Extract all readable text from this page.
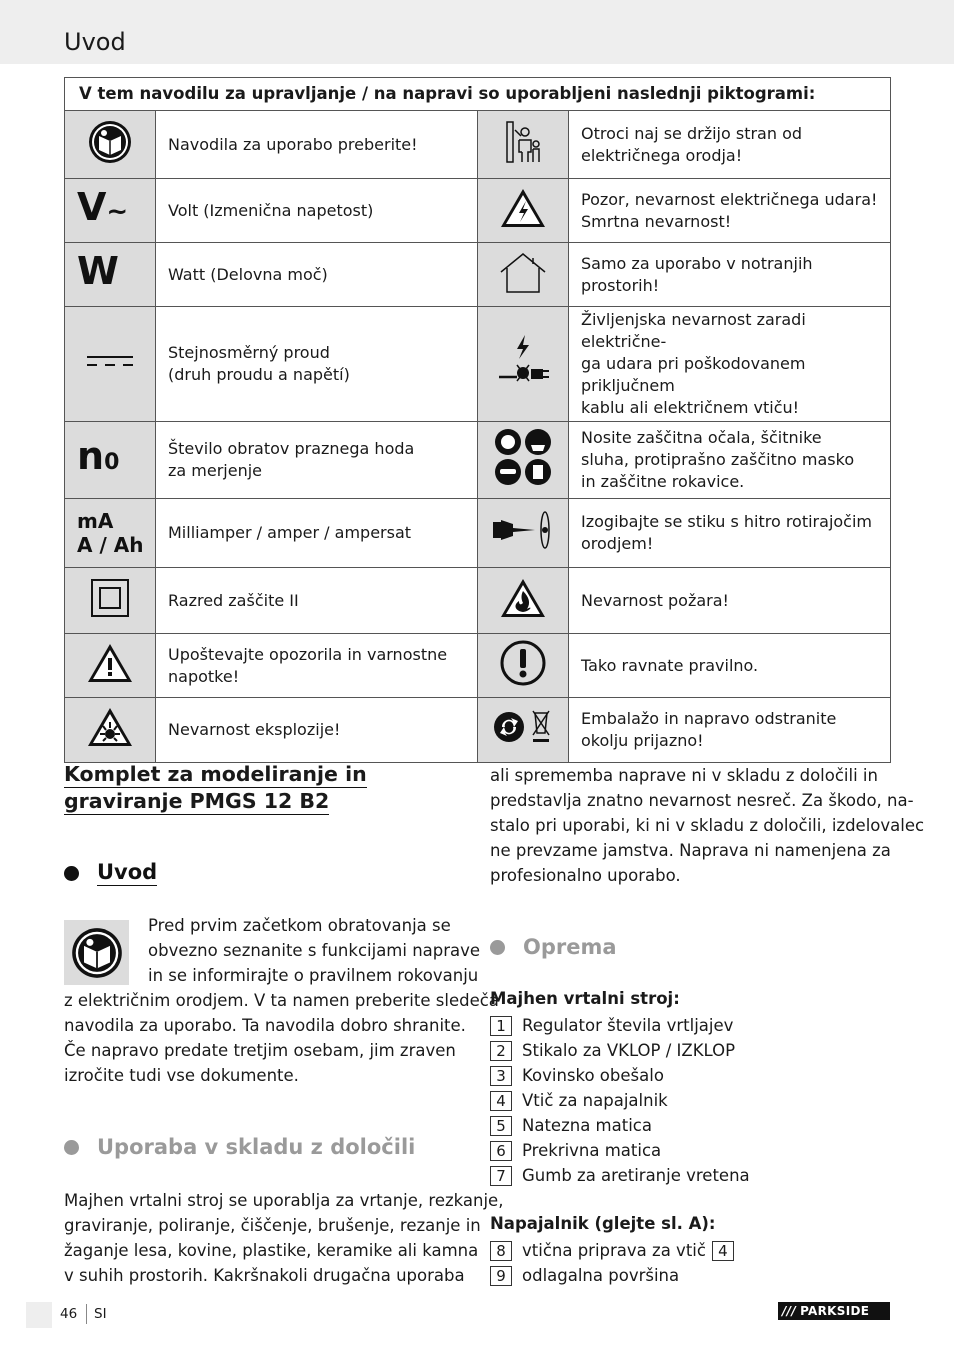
Uvod
V tem navodilu za upravljanje / na napravi so uporabljeni naslednji piktogrami:			
	Navodila za uporabo preberite!		Otroci naj se držijo stran od
električnega orodja!

V~	Volt (Izmenična napetost)		Pozor, nevarnost električnega udara!
Smrtna nevarnost!

W	Watt (Delovna moč)		Samo za uporabo v notranjih prostorih!

Stejnosměrný proud
(druh proudu a napětí)		Življenjska nevarnost zaradi električne-
ga udara pri poškodovanem priključnem
kablu ali električnem vtiču!

n0	Število obratov praznega hoda
za merjenje		Nosite zaščitna očala, ščitnike
sluha, protiprašno zaščitno masko
in zaščitne rokavice.

mA
A / Ah	Milliamper / amper / ampersat		Izogibajte se stiku s hitro rotirajočim
orodjem!

	Razred zaščite II		Nevarnost požara!

Upoštevajte opozorila in varnostne
napotke!		Tako ravnate pravilno.
	Nevarnost eksplozije!		Embalažo in napravo odstranite
okolju prijazno!
Komplet za modeliranje in
graviranje PMGS 12 B2
Uvod
Pred prvim začetkom obratovanja se
obvezno seznanite s funkcijami naprave
in se informirajte o pravilnem rokovanju
z električnim orodjem. V ta namen preberite sledeča
navodila za uporabo. Ta navodila dobro shranite.
Če napravo predate tretjim osebam, jim zraven
izročite tudi vse dokumente.
Uporaba v skladu z določili
Majhen vrtalni stroj se uporablja za vrtanje, rezkanje,
graviranje, poliranje, čiščenje, brušenje, rezanje in
žaganje lesa, kovine, plastike, keramike ali kamna
v suhih prostorih. Kakršnakoli drugačna uporaba
ali sprememba naprave ni v skladu z določili in
predstavlja znatno nevarnost nesreč. Za škodo, na-
stalo pri uporabi, ki ni v skladu z določili, izdelovalec
ne prevzame jamstva. Naprava ni namenjena za
profesionalno uporabo.
Oprema
Majhen vrtalni stroj:
1 Regulator števila vrtljajev
2 Stikalo za VKLOP / IZKLOP
3 Kovinsko obešalo
4 Vtič za napajalnik
5 Natezna matica
6 Prekrivna matica
7 Gumb za aretiranje vretena
Napajalnik (glejte sl. A):
8 vtična priprava za vtič 4
9 odlagalna površina
46 SI	/// PARKSIDE
